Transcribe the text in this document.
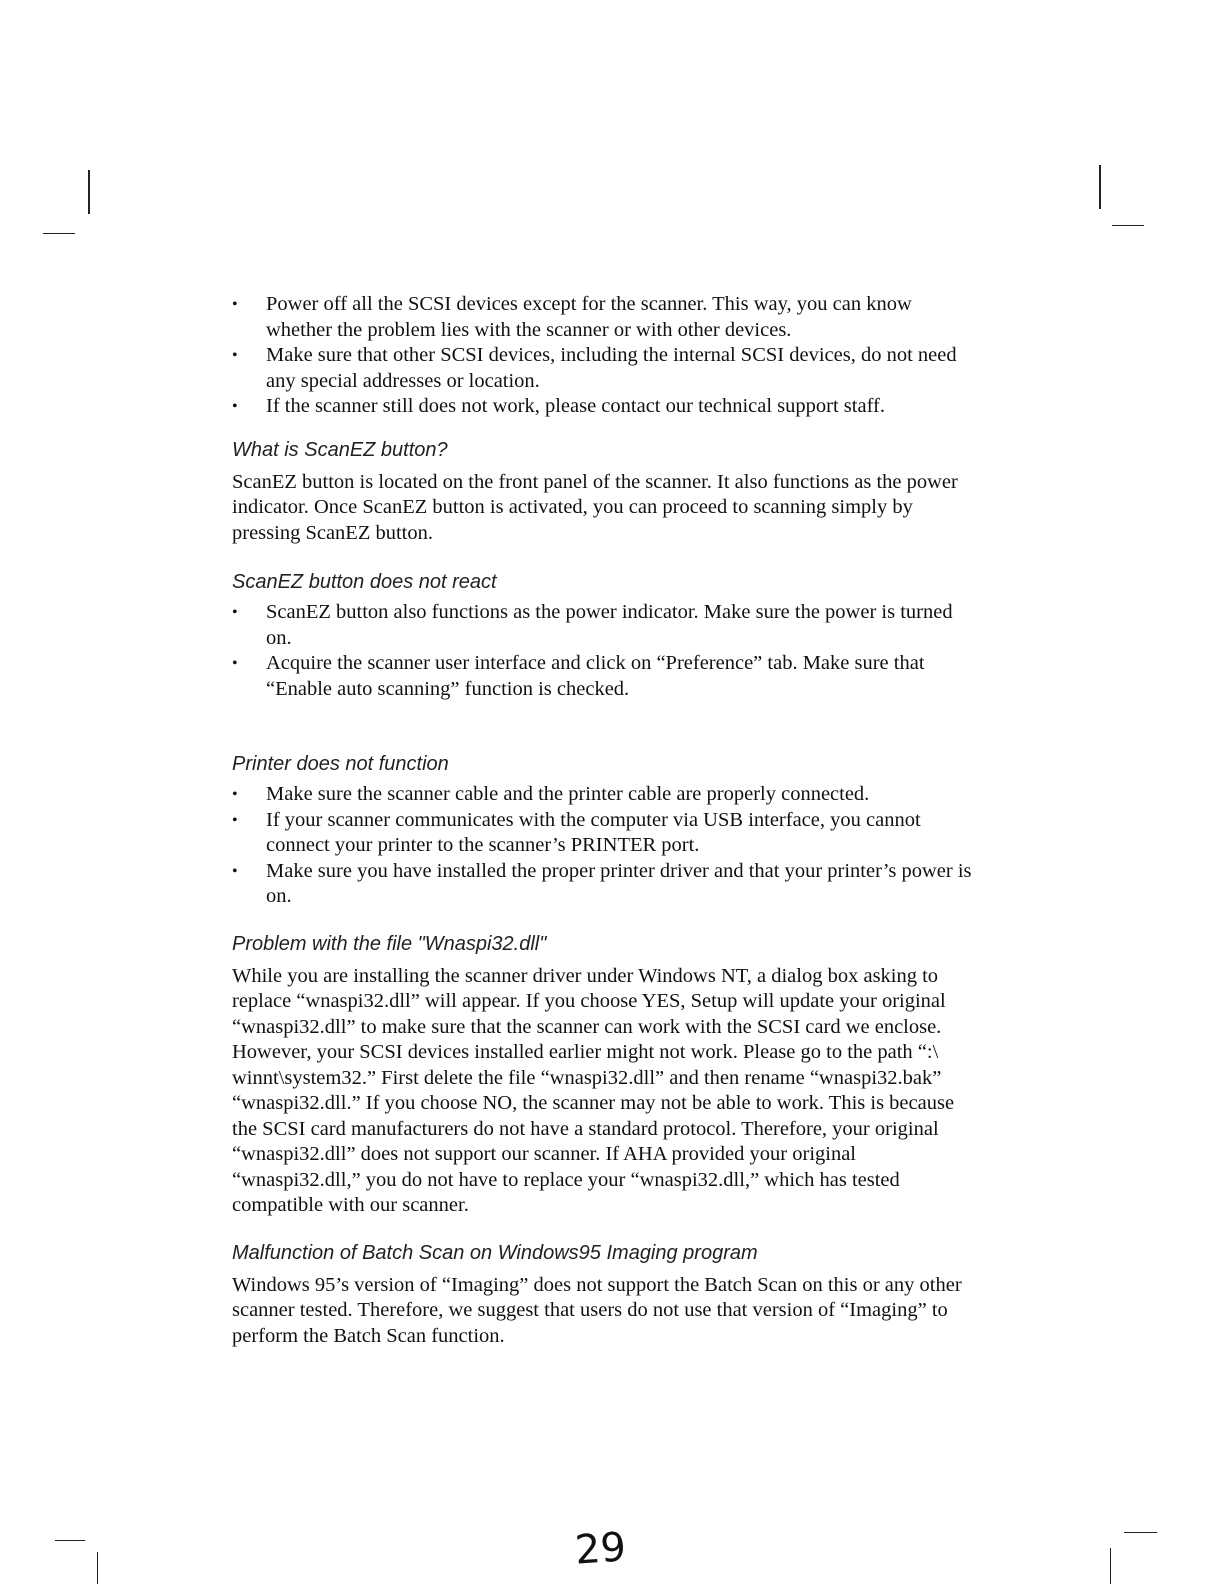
• Power off all the SCSI devices except for the scanner. This way, you can know whether the problem lies with the scanner or with other devices.
• Make sure that other SCSI devices, including the internal SCSI devices, do not need any special addresses or location.
• If the scanner still does not work, please contact our technical support staff.
What is ScanEZ button?

ScanEZ button is located on the front panel of the scanner. It also functions as the power indicator. Once ScanEZ button is activated, you can proceed to scanning simply by pressing ScanEZ button.

ScanEZ button does not react
• ScanEZ button also functions as the power indicator. Make sure the power is turned on.
• Acquire the scanner user interface and click on “Preference” tab. Make sure that “Enable auto scanning” function is checked.
Printer does not function
• Make sure the scanner cable and the printer cable are properly connected.
• If your scanner communicates with the computer via USB interface, you cannot connect your printer to the scanner’s PRINTER port.
• Make sure you have installed the proper printer driver and that your printer’s power is on.
Problem with the file "Wnaspi32.dll"

While you are installing the scanner driver under Windows NT, a dialog box asking to replace “wnaspi32.dll” will appear. If you choose YES, Setup will update your original “wnaspi32.dll” to make sure that the scanner can work with the SCSI card we enclose. However, your SCSI devices installed earlier might not work. Please go to the path “:\ winnt\system32.” First delete the file “wnaspi32.dll” and then rename “wnaspi32.bak” “wnaspi32.dll.” If you choose NO, the scanner may not be able to work. This is because the SCSI card manufacturers do not have a standard protocol. Therefore, your original “wnaspi32.dll” does not support our scanner. If AHA provided your original “wnaspi32.dll,” you do not have to replace your “wnaspi32.dll,” which has tested compatible with our scanner.

Malfunction of Batch Scan on Windows95 Imaging program

Windows 95’s version of “Imaging” does not support the Batch Scan on this or any other scanner tested. Therefore, we suggest that users do not use that version of “Imaging” to perform the Batch Scan function.

29
